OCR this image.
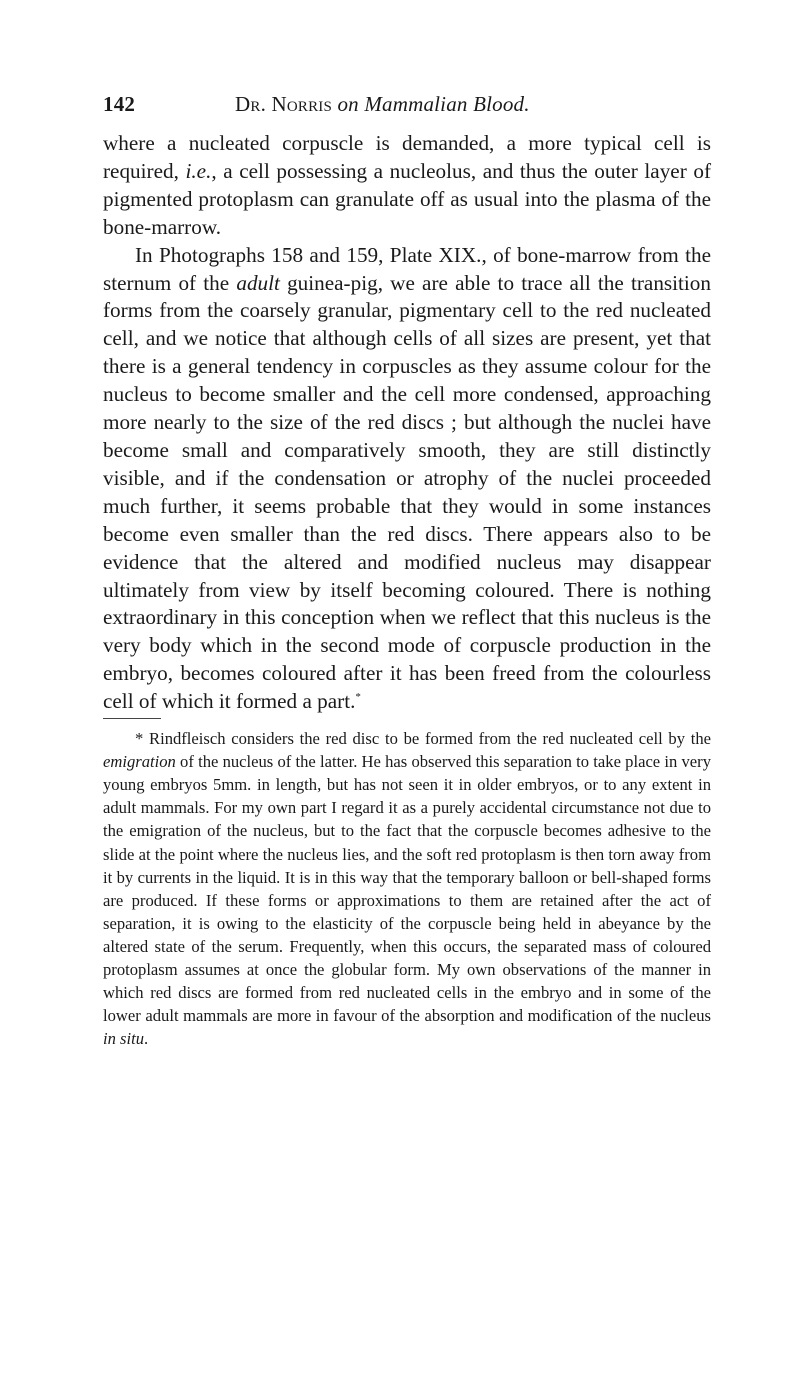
142	Dr. Norris
on
Mammalian Blood.

where a nucleated corpuscle is demanded, a more typical cell is required, i.e., a cell possessing a nucleolus, and thus the outer layer of pigmented protoplasm can granulate off as usual into the plasma of the bone-marrow.

In Photographs 158 and 159, Plate XIX., of bone-marrow from the sternum of the adult guinea-pig, we are able to trace all the transition forms from the coarsely granular, pigmentary cell to the red nucleated cell, and we notice that although cells of all sizes are present, yet that there is a general tendency in corpuscles as they assume colour for the nucleus to become smaller and the cell more condensed, approaching more nearly to the size of the red discs ; but although the nuclei have become small and comparatively smooth, they are still distinctly visible, and if the condensation or atrophy of the nuclei proceeded much further, it seems probable that they would in some instances become even smaller than the red discs. There appears also to be evidence that the altered and modified nucleus may disappear ultimately from view by itself becoming coloured. There is nothing extraordinary in this conception when we reflect that this nucleus is the very body which in the second mode of corpuscle production in the embryo, becomes coloured after it has been freed from the colourless cell of which it formed a part.*

* Rindfleisch considers the red disc to be formed from the red nucleated cell by the emigration of the nucleus of the latter. He has observed this separation to take place in very young embryos 5mm. in length, but has not seen it in older embryos, or to any extent in adult mammals. For my own part I regard it as a purely accidental circumstance not due to the emigration of the nucleus, but to the fact that the corpuscle becomes adhesive to the slide at the point where the nucleus lies, and the soft red protoplasm is then torn away from it by currents in the liquid. It is in this way that the temporary balloon or bell-shaped forms are produced. If these forms or approximations to them are retained after the act of separation, it is owing to the elasticity of the corpuscle being held in abeyance by the altered state of the serum. Frequently, when this occurs, the separated mass of coloured protoplasm assumes at once the globular form. My own observations of the manner in which red discs are formed from red nucleated cells in the embryo and in some of the lower adult mammals are more in favour of the absorption and modification of the nucleus in situ.
